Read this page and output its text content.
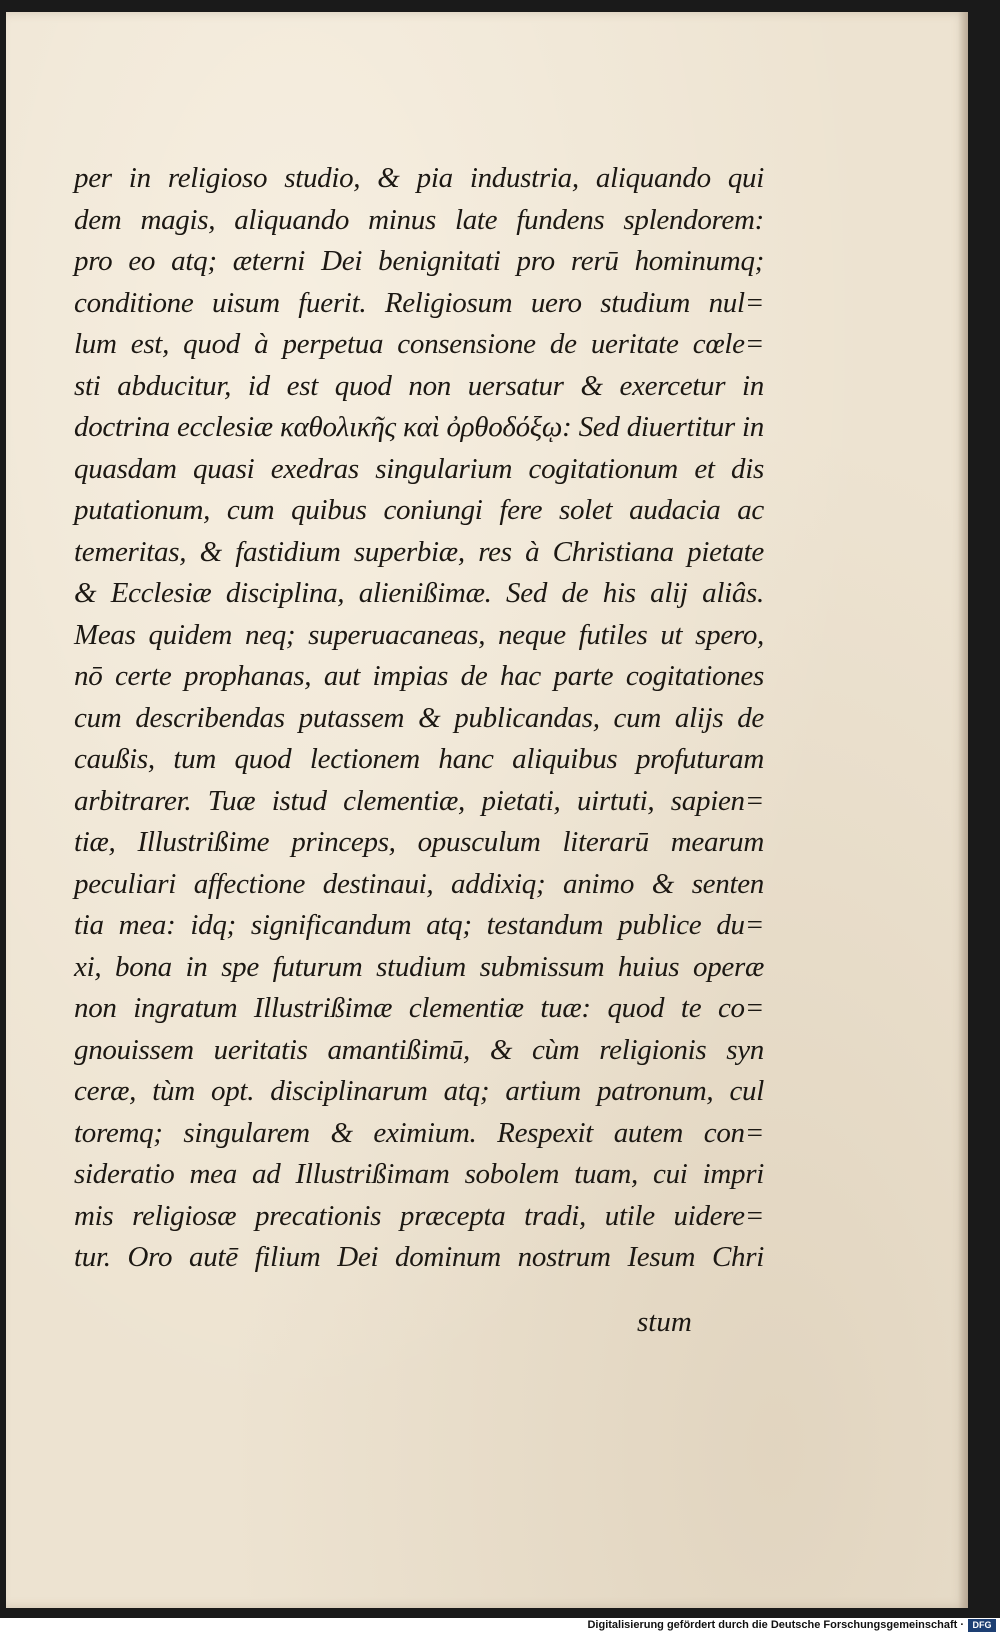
per in religioso studio, & pia industria, aliquando qui
dem magis, aliquando minus late fundens splendorem:
pro eo atq; æterni Dei benignitati pro rerū hominumq;
conditione uisum fuerit. Religiosum uero studium nul=
lum est, quod à perpetua consensione de ueritate cœle=
sti abducitur, id est quod non uersatur & exercetur in
doctrina ecclesiæ καθολικῆς καὶ ὀρθοδόξῳ: Sed diuertitur in
quasdam quasi exedras singularium cogitationum et dis
putationum, cum quibus coniungi fere solet audacia ac
temeritas, & fastidium superbiæ, res à Christiana pietate
& Ecclesiæ disciplina, alienißimæ. Sed de his alij aliâs.
Meas quidem neq; superuacaneas, neque futiles ut spero,
nō certe prophanas, aut impias de hac parte cogitationes
cum describendas putassem & publicandas, cum alijs de
caußis, tum quod lectionem hanc aliquibus profuturam
arbitrarer. Tuæ istud clementiæ, pietati, uirtuti, sapien=
tiæ, Illustrißime princeps, opusculum literarū mearum
peculiari affectione destinaui, addixiq; animo & senten
tia mea: idq; significandum atq; testandum publice du=
xi, bona in spe futurum studium submissum huius operæ
non ingratum Illustrißimæ clementiæ tuæ: quod te co=
gnouissem ueritatis amantißimū, & cùm religionis syn
ceræ, tùm opt. disciplinarum atq; artium patronum, cul
toremq; singularem & eximium. Respexit autem con=
sideratio mea ad Illustrißimam sobolem tuam, cui impri
mis religiosæ precationis præcepta tradi, utile uidere=
tur. Oro autē filium Dei dominum nostrum Iesum Chri
stum
Digitalisierung gefördert durch die Deutsche Forschungsgemeinschaft · DFG
